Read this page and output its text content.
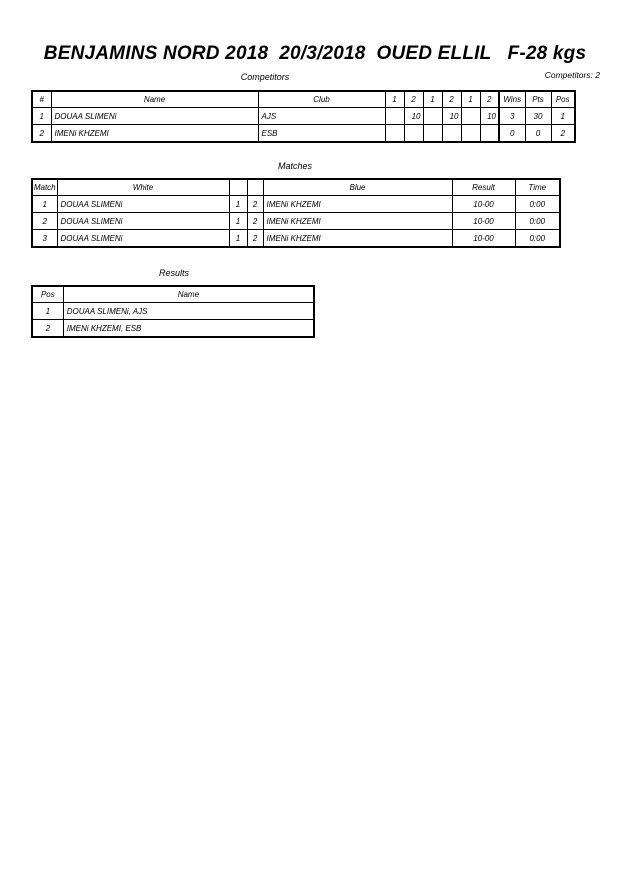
BENJAMINS NORD 2018  20/3/2018  OUED ELLIL   F-28 kgs
Competitors	Competitors: 2
#	Name	Club	1	2	1	2	1	2	Wins	Pts	Pos
1	DOUAA SLIMENi	AJS		10		10		10	3	30	1
2	IMENi KHZEMI	ESB							0	0	2
Matches
Match	White			Blue	Result	Time
1	DOUAA SLIMENi	1	2	IMENi KHZEMI	10-00	0:00
2	DOUAA SLIMENi	1	2	IMENi KHZEMI	10-00	0:00
3	DOUAA SLIMENi	1	2	IMENi KHZEMI	10-00	0:00
Results
Pos	Name
1	DOUAA SLIMENi, AJS
2	IMENi KHZEMI, ESB
